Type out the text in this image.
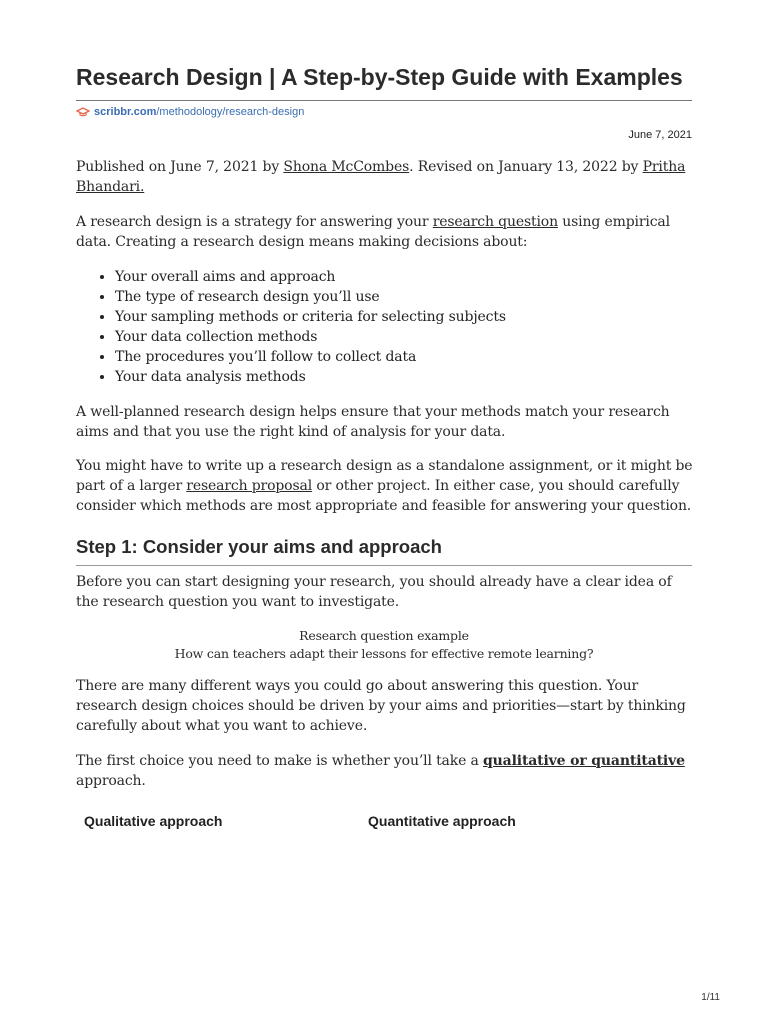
Research Design | A Step-by-Step Guide with Examples
scribbr.com/methodology/research-design
June 7, 2021

Published on June 7, 2021 by Shona McCombes. Revised on January 13, 2022 by Pritha Bhandari.

A research design is a strategy for answering your research question using empirical data. Creating a research design means making decisions about:

• Your overall aims and approach
• The type of research design you’ll use
• Your sampling methods or criteria for selecting subjects
• Your data collection methods
• The procedures you’ll follow to collect data
• Your data analysis methods

A well-planned research design helps ensure that your methods match your research aims and that you use the right kind of analysis for your data.

You might have to write up a research design as a standalone assignment, or it might be part of a larger research proposal or other project. In either case, you should carefully consider which methods are most appropriate and feasible for answering your question.

Step 1: Consider your aims and approach

Before you can start designing your research, you should already have a clear idea of the research question you want to investigate.

Research question example
How can teachers adapt their lessons for effective remote learning?

There are many different ways you could go about answering this question. Your research design choices should be driven by your aims and priorities—start by thinking carefully about what you want to achieve.

The first choice you need to make is whether you’ll take a qualitative or quantitative approach.

Qualitative approach	Quantitative approach
1/11
